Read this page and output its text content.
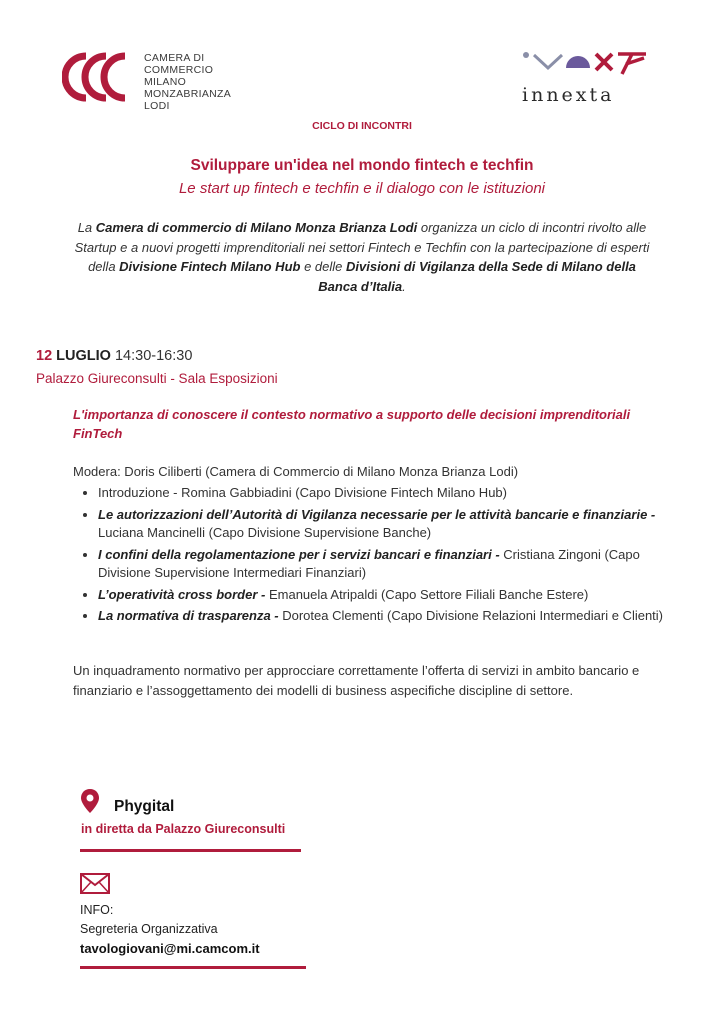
CAMERA DI
COMMERCIO
MILANO
MONZABRIANZA
LODI	innexta
CICLO DI INCONTRI
Sviluppare un'idea nel mondo fintech e techfin
Le start up fintech e techfin e il dialogo con le istituzioni
La Camera di commercio di Milano Monza Brianza Lodi organizza un ciclo di incontri rivolto alle Startup e a nuovi progetti imprenditoriali nei settori Fintech e Techfin con la partecipazione di esperti della Divisione Fintech Milano Hub e delle Divisioni di Vigilanza della Sede di Milano della Banca d’Italia.
12 LUGLIO 14:30-16:30
Palazzo Giureconsulti - Sala Esposizioni
L'importanza di conoscere il contesto normativo a supporto delle decisioni imprenditoriali FinTech
Modera: Doris Ciliberti (Camera di Commercio di Milano Monza Brianza Lodi)
• Introduzione - Romina Gabbiadini (Capo Divisione Fintech Milano Hub)
• Le autorizzazioni dell’Autorità di Vigilanza necessarie per le attività bancarie e finanziarie - Luciana Mancinelli (Capo Divisione Supervisione Banche)
• I confini della regolamentazione per i servizi bancari e finanziari - Cristiana Zingoni (Capo Divisione Supervisione Intermediari Finanziari)
• L’operatività cross border - Emanuela Atripaldi (Capo Settore Filiali Banche Estere)
• La normativa di trasparenza - Dorotea Clementi (Capo Divisione Relazioni Intermediari e Clienti)
Un inquadramento normativo per approcciare correttamente l’offerta di servizi in ambito bancario e finanziario e l’assoggettamento dei modelli di business aspecifiche discipline di settore.
Phygital
in diretta da Palazzo Giureconsulti
INFO:
Segreteria Organizzativa
tavologiovani@mi.camcom.it
